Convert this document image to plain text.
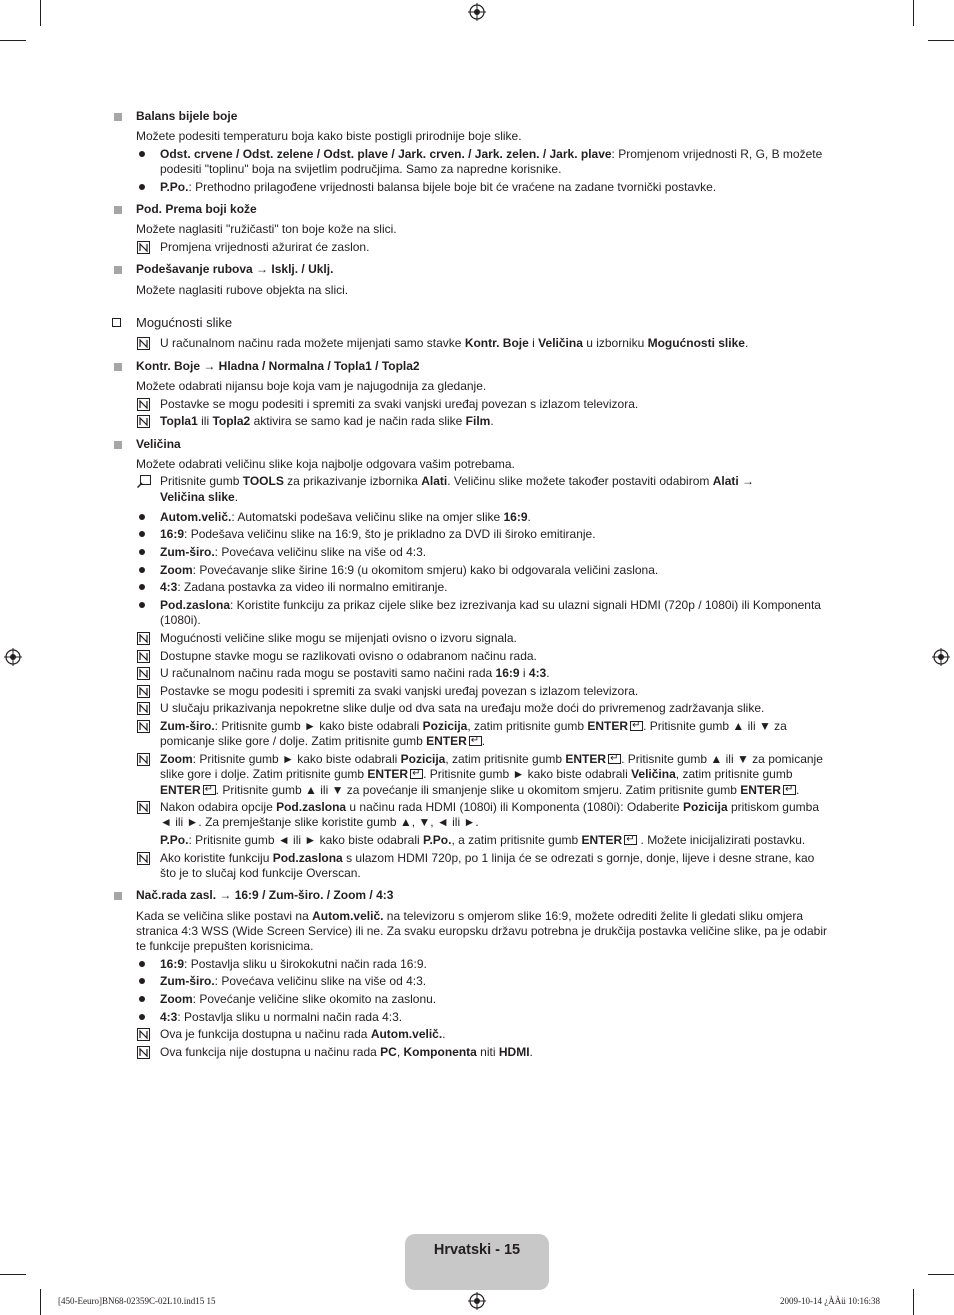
Balans bijele boje
Možete podesiti temperaturu boja kako biste postigli prirodnije boje slike.
Odst. crvene / Odst. zelene / Odst. plave / Jark. crven. / Jark. zelen. / Jark. plave: Promjenom vrijednosti R, G, B možete
podesiti "toplinu" boja na svijetlim područjima. Samo za napredne korisnike.
P.Po.: Prethodno prilagođene vrijednosti balansa bijele boje bit će vraćene na zadane tvornički postavke.
Pod. Prema boji kože
Možete naglasiti "ružičasti" ton boje kože na slici.
Promjena vrijednosti ažurirat će zaslon.
Podešavanje rubova → Isklj. / Uklj.
Možete naglasiti rubove objekta na slici.
Mogućnosti slike
U računalnom načinu rada možete mijenjati samo stavke Kontr. Boje i Veličina u izborniku Mogućnosti slike.
Kontr. Boje → Hladna / Normalna / Topla1 / Topla2
Možete odabrati nijansu boje koja vam je najugodnija za gledanje.
Postavke se mogu podesiti i spremiti za svaki vanjski uređaj povezan s izlazom televizora.
Topla1 ili Topla2 aktivira se samo kad je način rada slike Film.
Veličina
Možete odabrati veličinu slike koja najbolje odgovara vašim potrebama.
Pritisnite gumb TOOLS za prikazivanje izbornika Alati. Veličinu slike možete također postaviti odabirom Alati →
Veličina slike.
Autom.velič.: Automatski podešava veličinu slike na omjer slike 16:9.
16:9: Podešava veličinu slike na 16:9, što je prikladno za DVD ili široko emitiranje.
Zum-širo.: Povećava veličinu slike na više od 4:3.
Zoom: Povećavanje slike širine 16:9 (u okomitom smjeru) kako bi odgovarala veličini zaslona.
4:3: Zadana postavka za video ili normalno emitiranje.
Pod.zaslona: Koristite funkciju za prikaz cijele slike bez izrezivanja kad su ulazni signali HDMI (720p / 1080i) ili Komponenta
(1080i).
Mogućnosti veličine slike mogu se mijenjati ovisno o izvoru signala.
Dostupne stavke mogu se razlikovati ovisno o odabranom načinu rada.
U računalnom načinu rada mogu se postaviti samo načini rada 16:9 i 4:3.
Postavke se mogu podesiti i spremiti za svaki vanjski uređaj povezan s izlazom televizora.
U slučaju prikazivanja nepokretne slike dulje od dva sata na uređaju može doći do privremenog zadržavanja slike.
Zum-širo.: Pritisnite gumb ► kako biste odabrali Pozicija, zatim pritisnite gumb ENTER ↵ . Pritisnite gumb ▲ ili ▼ za
pomicanje slike gore / dolje. Zatim pritisnite gumb ENTER ↵ .
Zoom: Pritisnite gumb ► kako biste odabrali Pozicija, zatim pritisnite gumb ENTER ↵ . Pritisnite gumb ▲ ili ▼ za pomicanje
slike gore i dolje. Zatim pritisnite gumb ENTER ↵ . Pritisnite gumb ► kako biste odabrali Veličina, zatim pritisnite gumb
ENTER ↵ . Pritisnite gumb ▲ ili ▼ za povećanje ili smanjenje slike u okomitom smjeru. Zatim pritisnite gumb ENTER ↵ .
Nakon odabira opcije Pod.zaslona u načinu rada HDMI (1080i) ili Komponenta (1080i): Odaberite Pozicija pritiskom gumba
◄ ili ►. Za premještanje slike koristite gumb ▲, ▼, ◄ ili ►.
P.Po.: Pritisnite gumb ◄ ili ► kako biste odabrali P.Po., a zatim pritisnite gumb ENTER↵ . Možete inicijalizirati postavku.
Ako koristite funkciju Pod.zaslona s ulazom HDMI 720p, po 1 linija će se odrezati s gornje, donje, lijeve i desne strane, kao
što je to slučaj kod funkcije Overscan.
Nač.rada zasl. → 16:9 / Zum-širo. / Zoom / 4:3
Kada se veličina slike postavi na Autom.velič. na televizoru s omjerom slike 16:9, možete odrediti želite li gledati sliku omjera
stranica 4:3 WSS (Wide Screen Service) ili ne. Za svaku europsku državu potrebna je drukčija postavka veličine slike, pa je odabir
te funkcije prepušten korisnicima.
16:9: Postavlja sliku u širokokutni način rada 16:9.
Zum-širo.: Povećava veličinu slike na više od 4:3.
Zoom: Povećanje veličine slike okomito na zaslonu.
4:3: Postavlja sliku u normalni način rada 4:3.
Ova je funkcija dostupna u načinu rada Autom.velič..
Ova funkcija nije dostupna u načinu rada PC, Komponenta niti HDMI.
Hrvatski - 15
[450-Eeuro]BN68-02359C-02L10.ind15 15	2009-10-14 ¿ÀÀü 10:16:38
